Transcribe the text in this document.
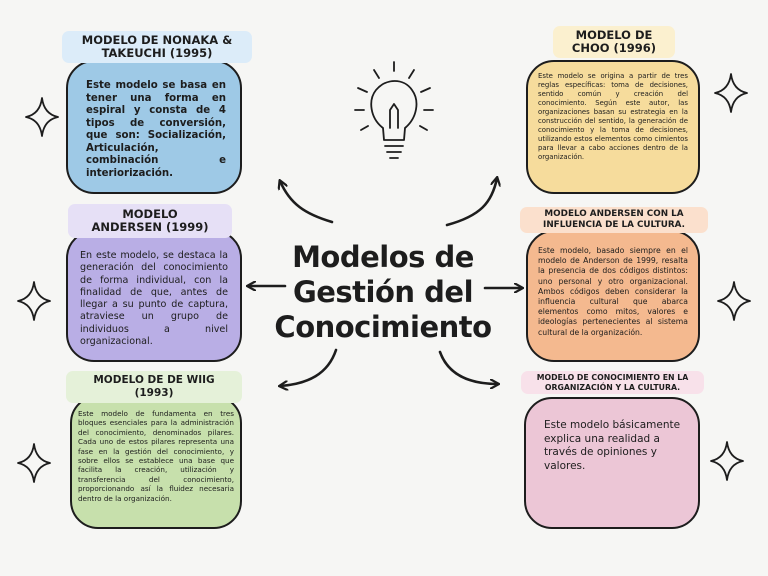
Modelos de

Gestión del

Conocimiento

Este modelo se basa en tener una forma en espiral y consta de 4 tipos de conversión, que son: Socialización, Articulación, combinación e interiorización.

MODELO DE NONAKA & TAKEUCHI (1995)

En este modelo, se destaca la generación del conocimiento de forma individual, con la finalidad de que, antes de llegar a su punto de captura, atraviese un grupo de individuos a nivel organizacional.

MODELO ANDERSEN (1999)

Este modelo de fundamenta en tres bloques esenciales para la administración del conocimiento, denominados pilares. Cada uno de estos pilares representa una fase en la gestión del conocimiento, y sobre ellos se establece una base que facilita la creación, utilización y transferencia del conocimiento, proporcionando así la fluidez necesaria dentro de la organización.

MODELO DE DE WIIG (1993)

Este modelo se origina a partir de tres reglas específicas: toma de decisiones, sentido común y creación del conocimiento. Según este autor, las organizaciones basan su estrategia en la construcción del sentido, la generación de conocimiento y la toma de decisiones, utilizando estos elementos como cimientos para llevar a cabo acciones dentro de la organización.

MODELO DE CHOO (1996)

Este modelo, basado siempre en el modelo de Anderson de 1999, resalta la presencia de dos códigos distintos: uno personal y otro organizacional. Ambos códigos deben considerar la influencia cultural que abarca elementos como mitos, valores e ideologías pertenecientes al sistema cultural de la organización.

MODELO ANDERSEN CON LA INFLUENCIA DE LA CULTURA.

Este modelo básicamente explica una realidad a través de opiniones y valores.

MODELO DE CONOCIMIENTO EN LA ORGANIZACIÓN Y LA CULTURA.
